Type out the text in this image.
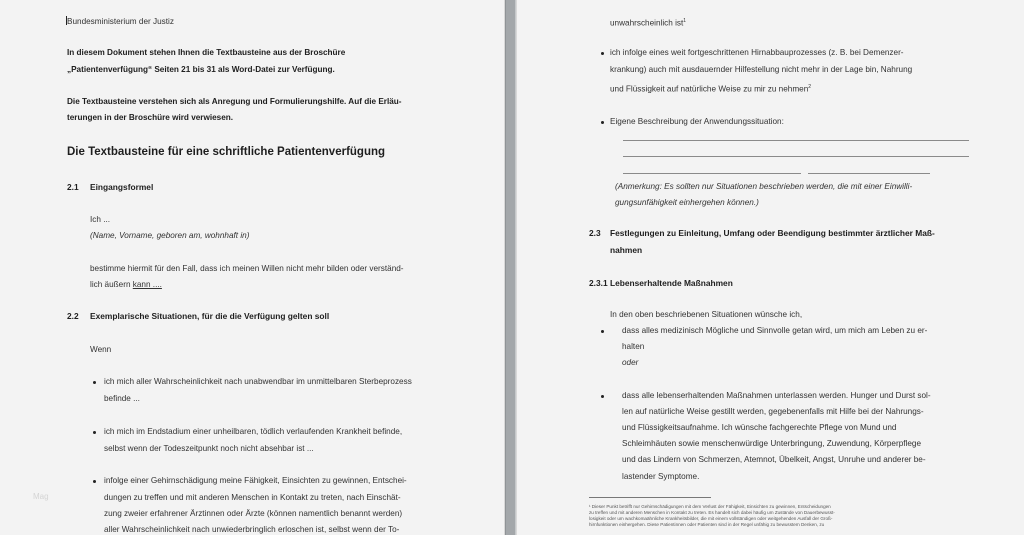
Bundesministerium der Justiz
In diesem Dokument stehen Ihnen die Textbausteine aus der Broschüre
„Patientenverfügung“ Seiten 21 bis 31 als Word-Datei zur Verfügung.
Die Textbausteine verstehen sich als Anregung und Formulierungshilfe. Auf die Erläu-
terungen in der Broschüre wird verwiesen.
Die Textbausteine für eine schriftliche Patientenverfügung
2.1 Eingangsformel
Ich ...
(Name, Vorname, geboren am, wohnhaft in)
bestimme hiermit für den Fall, dass ich meinen Willen nicht mehr bilden oder verständ-
lich äußern kann ....
2.2 Exemplarische Situationen, für die die Verfügung gelten soll
Wenn
ich mich aller Wahrscheinlichkeit nach unabwendbar im unmittelbaren Sterbeprozess
befinde ...
ich mich im Endstadium einer unheilbaren, tödlich verlaufenden Krankheit befinde,
selbst wenn der Todeszeitpunkt noch nicht absehbar ist ...
infolge einer Gehirnschädigung meine Fähigkeit, Einsichten zu gewinnen, Entschei-
dungen zu treffen und mit anderen Menschen in Kontakt zu treten, nach Einschät-
zung zweier erfahrener Ärztinnen oder Ärzte (können namentlich benannt werden)
aller Wahrscheinlichkeit nach unwiederbringlich erloschen ist, selbst wenn der To-
Mag
unwahrscheinlich ist$^1$
ich infolge eines weit fortgeschrittenen Hirnabbauprozesses (z. B. bei Demenzer-
krankung) auch mit ausdauernder Hilfestellung nicht mehr in der Lage bin, Nahrung
und Flüssigkeit auf natürliche Weise zu mir zu nehmen$^2$
Eigene Beschreibung der Anwendungssituation:
(Anmerkung: Es sollten nur Situationen beschrieben werden, die mit einer Einwilli-
gungsunfähigkeit einhergehen können.)
2.3 Festlegungen zu Einleitung, Umfang oder Beendigung bestimmter ärztlicher Maß-
nahmen
2.3.1 Lebenserhaltende Maßnahmen
In den oben beschriebenen Situationen wünsche ich,
dass alles medizinisch Mögliche und Sinnvolle getan wird, um mich am Leben zu er-
halten
oder
dass alle lebenserhaltenden Maßnahmen unterlassen werden. Hunger und Durst sol-
len auf natürliche Weise gestillt werden, gegebenenfalls mit Hilfe bei der Nahrungs-
und Flüssigkeitsaufnahme. Ich wünsche fachgerechte Pflege von Mund und
Schleimhäuten sowie menschenwürdige Unterbringung, Zuwendung, Körperpflege
und das Lindern von Schmerzen, Atemnot, Übelkeit, Angst, Unruhe und anderer be-
lastender Symptome.
¹ Dieser Punkt betrifft nur Gehirnschädigungen mit dem Verlust der Fähigkeit, Einsichten zu gewinnen, Entscheidungen
zu treffen und mit anderen Menschen in Kontakt zu treten. Es handelt sich dabei häufig um Zustände von Dauerbewusst-
losigkeit oder um wachkomaähnliche Krankheitsbilder, die mit einem vollständigen oder weitgehenden Ausfall der Groß-
hirnfunktionen einhergehen. Diese Patientinnen oder Patienten sind in der Regel unfähig zu bewusstem Denken, zu
